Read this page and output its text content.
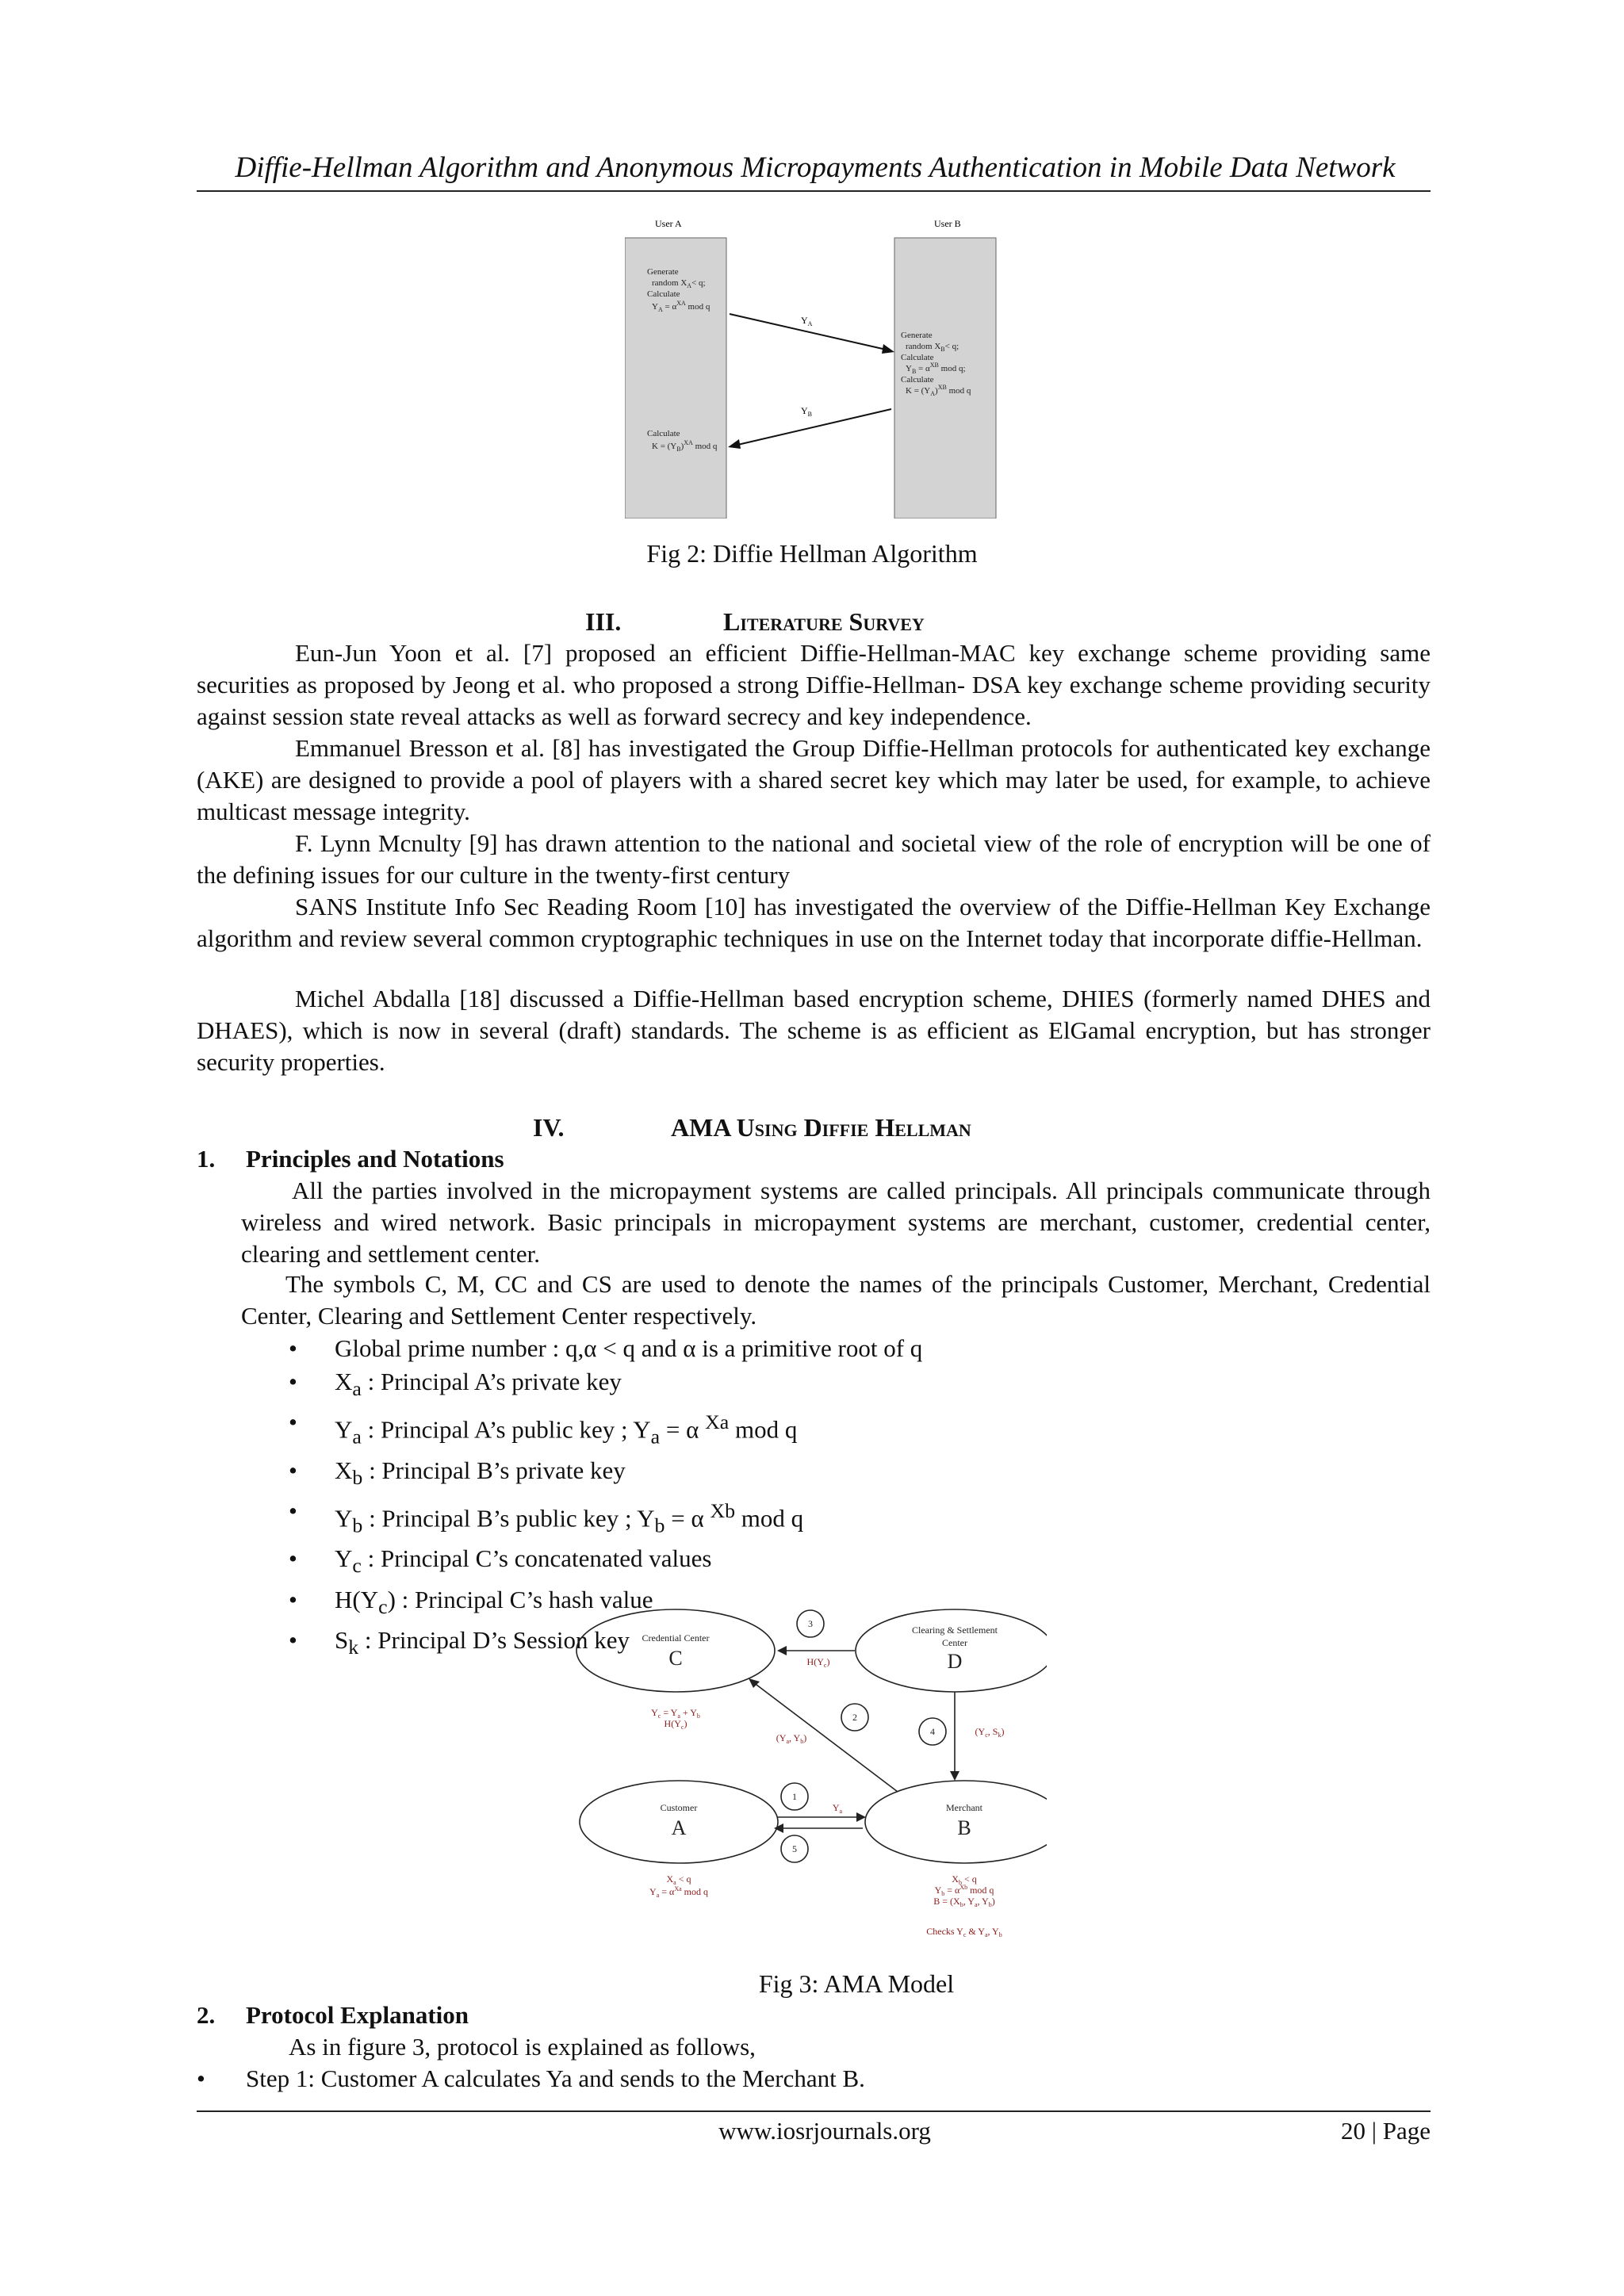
Diffie-Hellman Algorithm and Anonymous Micropayments Authentication in Mobile Data Network
User A	User B
Generate
random $X_A< q$;
Calculate
$Y_A = \alpha^{XA}$ mod q
Calculate
$K = (Y_B)^{XA}$ mod q
Generate
random $X_B< q$;
Calculate
$Y_B = \alpha^{XB}$ mod q;
Calculate
$K = (Y_A)^{XB}$ mod q
$Y_A$
$Y_B$
Fig 2: Diffie Hellman Algorithm
III.	Literature Survey

Eun-Jun Yoon et al. [7] proposed an efficient Diffie-Hellman-MAC key exchange scheme providing same securities as proposed by Jeong et al. who proposed a strong Diffie-Hellman- DSA key exchange scheme providing security against session state reveal attacks as well as forward secrecy and key independence.

Emmanuel Bresson et al. [8] has investigated the Group Diffie-Hellman protocols for authenticated key exchange (AKE) are designed to provide a pool of players with a shared secret key which may later be used, for example, to achieve multicast message integrity.

F. Lynn Mcnulty [9] has drawn attention to the national and societal view of the role of encryption will be one of the defining issues for our culture in the twenty-first century

SANS Institute Info Sec Reading Room [10] has investigated the overview of the Diffie-Hellman Key Exchange algorithm and review several common cryptographic techniques in use on the Internet today that incorporate diffie-Hellman.

Michel Abdalla [18] discussed a Diffie-Hellman based encryption scheme, DHIES (formerly named DHES and DHAES), which is now in several (draft) standards. The scheme is as efficient as ElGamal encryption, but has stronger security properties.

IV.	AMA Using Diffie Hellman
1. Principles and Notations

All the parties involved in the micropayment systems are called principals. All principals communicate through wireless and wired network. Basic principals in micropayment systems are merchant, customer, credential center, clearing and settlement center.

The symbols C, M, CC and CS are used to denote the names of the principals Customer, Merchant, Credential Center, Clearing and Settlement Center respectively.

• Global prime number : q,α < q and α is a primitive root of q
• $X_a$ : Principal A’s private key
• $Y_a$ : Principal A’s public key ; $Y_a = \alpha$ $^{Xa}$ mod q
• $X_b$ : Principal B’s private key
• $Y_b$ : Principal B’s public key ; $Y_b = \alpha$ $^{Xb}$ mod q
• $Y_c$ : Principal C’s concatenated values
• $H(Y_c)$ : Principal C’s hash value
• $S_k$ : Principal D’s Session key
3
2
4
1
5
Credential Center
C
Clearing & Settlement
Center
D
Customer
A
Merchant
B
$H(Y_c)$
($Y_a$, $Y_b$)
($Y_c$, $S_k$)
$Y_a$
$Y_c = Y_a + Y_b$
$H(Y_c)$
$X_a < q$
$Y_a = \alpha^{Xa}$ mod q
$X_b < q$
$Y_b = \alpha^{Xb}$ mod q
$B = (X_b$, $Y_a$, $Y_b$)
Checks $Y_c$ & $Y_a$, $Y_b$
Fig 3: AMA Model
2. Protocol Explanation

As in figure 3, protocol is explained as follows,

• Step 1: Customer A calculates Ya and sends to the Merchant B.
www.iosrjournals.org	20 | Page
